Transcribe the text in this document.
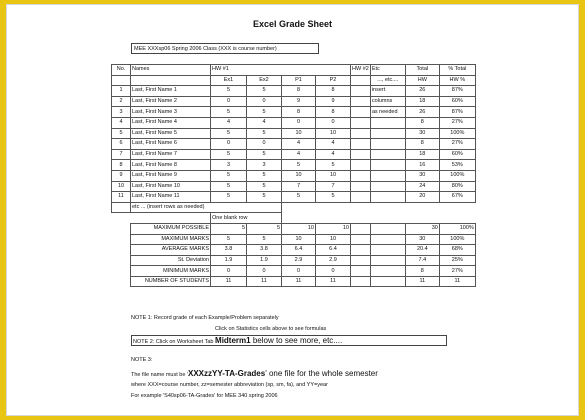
Excel Grade Sheet
MEE XXXsp06 Spring 2006 Class (XXX is course number)
No.	Names	HW #1				HW #2	Etc	Total	% Total
		Ex1	Ex2	P1	P2		..., etc....	HW	HW %
1	Last, First Name 1	5	5	8	8		insert	26	87%
2	Last, First Name 2	0	0	9	9		columns	18	60%
3	Last, First Name 3	5	5	8	8		as needed	26	87%
4	Last, First Name 4	4	4	0	0			8	27%
5	Last, First Name 5	5	5	10	10			30	100%
6	Last, First Name 6	0	0	4	4			8	27%
7	Last, First Name 7	5	5	4	4			18	60%
8	Last, First Name 8	3	3	5	5			16	53%
9	Last, First Name 9	5	5	10	10			30	100%
10	Last, First Name 10	5	5	7	7			24	80%
11	Last, First Name 11	5	5	5	5			20	67%
	etc ... (insert rows as needed)								
		One blank row							
	MAXIMUM POSSIBLE	5	5	10	10			30	100%
	MAXIMUM MARKS	5	5	10	10			30	100%
	AVERAGE MARKS	3.8	3.8	6.4	6.4			20.4	68%
	St. Deviation	1.9	1.9	2.9	2.9			7.4	25%
	MINIMUM MARKS	0	0	0	0			8	27%
	NUMBER OF STUDENTS	11	11	11	11			11	11
NOTE 1: Record grade of each Example/Problem separately
Click on Statistics cells above to see formulas
NOTE 2: Click on Worksheet Tab Midterm1 below to see more, etc....
NOTE 3:
The file name must be 'XXXzzYY-TA-Grades' one file for the whole semester
where XXX=course number, zz=semester abbreviation (sp, sm, fa), and YY=year
For example 'S40sp06-TA-Grades' for MEE 340 spring 2006
